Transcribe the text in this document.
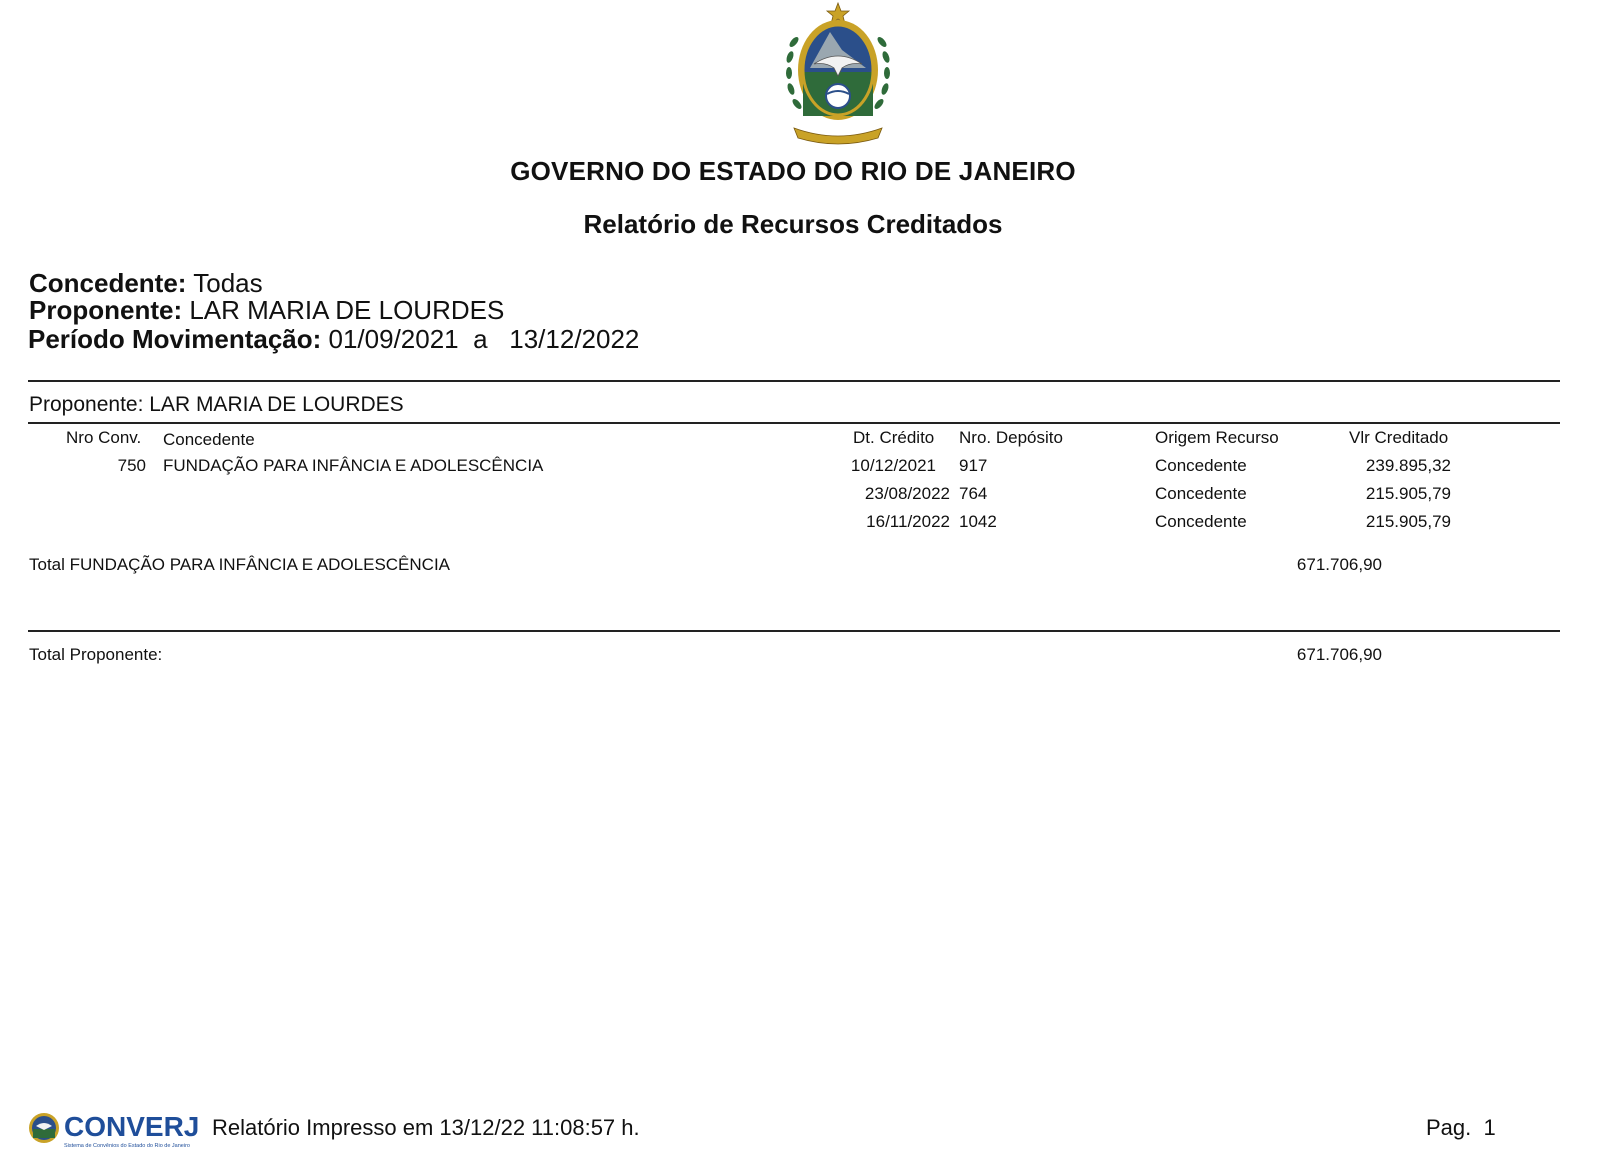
GOVERNO DO ESTADO DO RIO DE JANEIRO
Relatório de Recursos Creditados
Concedente: Todas
Proponente: LAR MARIA DE LOURDES
Período Movimentação: 01/09/2021 a 13/12/2022
Proponente: LAR MARIA DE LOURDES
Nro Conv. Concedente	Dt. Crédito Nro. Depósito	Origem Recurso	Vlr Creditado
750 FUNDAÇÃO PARA INFÂNCIA E ADOLESCÊNCIA	10/12/2021 917	Concedente	239.895,32
23/08/2022 764	Concedente	215.905,79
16/11/2022 1042	Concedente	215.905,79
Total FUNDAÇÃO PARA INFÂNCIA E ADOLESCÊNCIA	671.706,90
Total Proponente:	671.706,90
CONVERJ
Sistema de Convênios do Estado do Rio de Janeiro
Relatório Impresso em 13/12/22 11:08:57 h.	Pag. 1
